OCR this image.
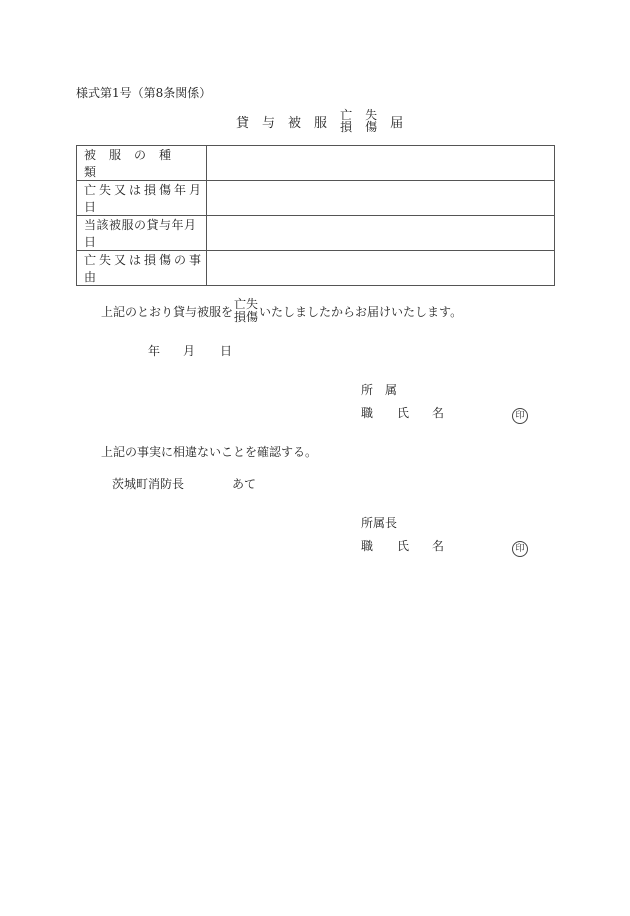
様式第1号（第8条関係）
貸 与 被 服
亡 失
損 傷 届
被服の種類	
亡失又は損傷年月日	
当該被服の貸与年月日	
亡失又は損傷の事由	
上記のとおり貸与被服を
亡失
損傷 いたしましたからお届けいたします。
年 月 日
所　属
職 氏 名	印
上記の事実に相違ないことを確認する。
茨城町消防長	あて
所属長
職 氏 名	印
